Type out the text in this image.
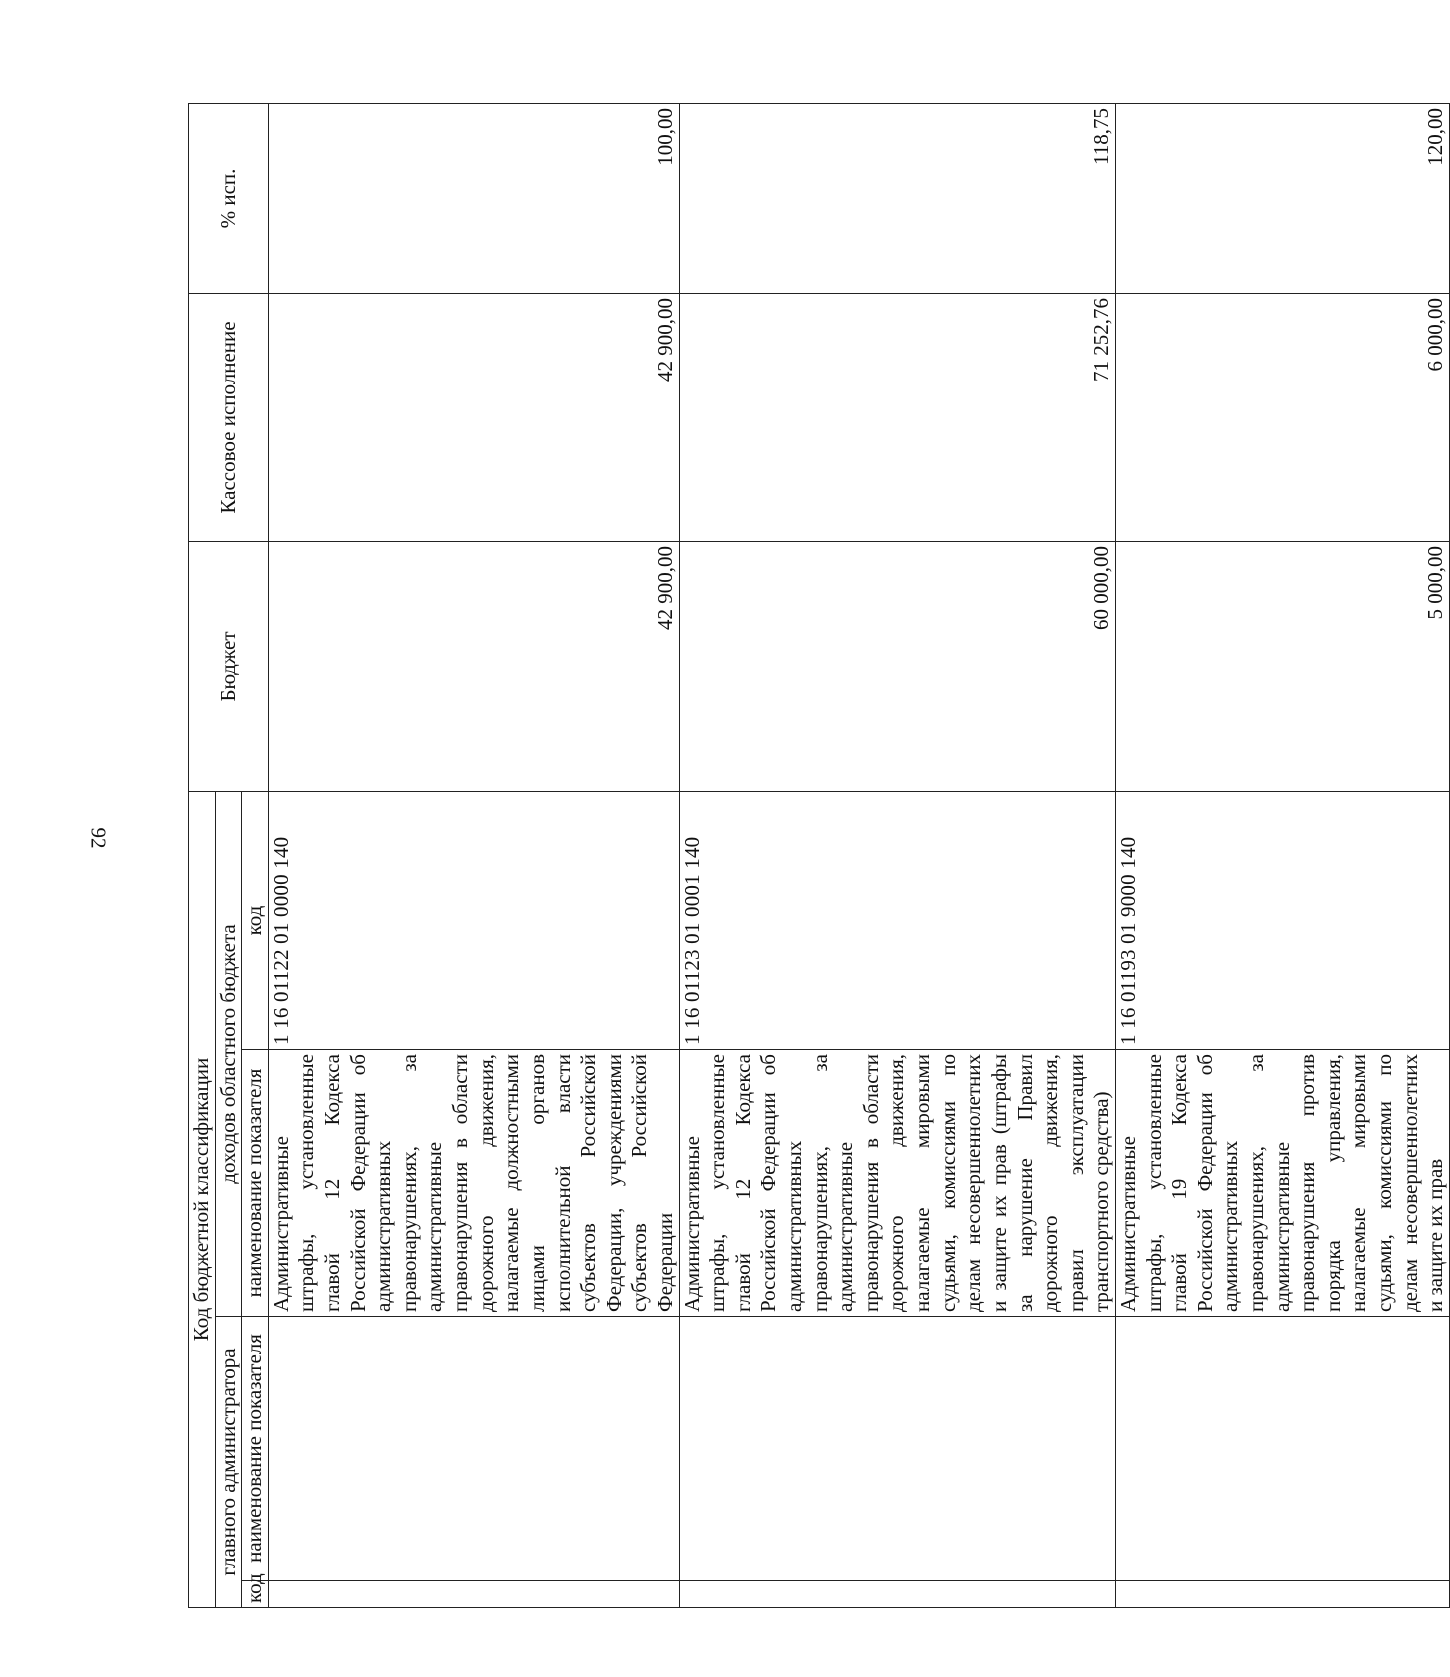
92
Код бюджетной классификации				Бюджет	Кассовое исполнение	% исп.
главного администратора		доходов областного бюджета				
код	наименование показателя	наименование показателя	код			
		Административные штрафы, установленные главой 12 Кодекса Российской Федерации об административных правонарушениях, за административные правонарушения в области дорожного движения, налагаемые должностными лицами органов исполнительной власти субъектов Российской Федерации, учреждениями субъектов Российской Федерации	1 16 01122 01 0000 140	42 900,00	42 900,00	100,00
		Административные штрафы, установленные главой 12 Кодекса Российской Федерации об административных правонарушениях, за административные правонарушения в области дорожного движения, налагаемые мировыми судьями, комиссиями по делам несовершеннолетних и защите их прав (штрафы за нарушение Правил дорожного движения, правил эксплуатации транспортного средства)	1 16 01123 01 0001 140	60 000,00	71 252,76	118,75
		Административные штрафы, установленные главой 19 Кодекса Российской Федерации об административных правонарушениях, за административные правонарушения против порядка управления, налагаемые мировыми судьями, комиссиями по делам несовершеннолетних и защите их прав	1 16 01193 01 9000 140	5 000,00	6 000,00	120,00
